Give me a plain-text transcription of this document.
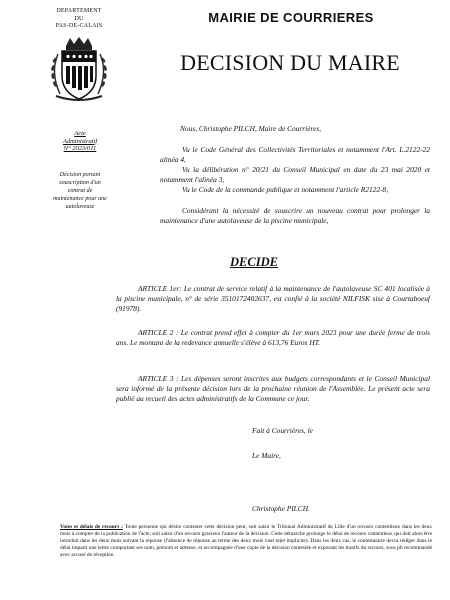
DEPARTEMENT
DU
PAS-DE-CALAIS
MAIRIE DE COURRIERES
DECISION DU MAIRE
Acte
Administratif
N° 2023/011
Décision portant
souscription d'un
contrat de
maintenance pour une
autolaveuse
Nous, Christophe PILCH, Maire de Courrières,
Vu le Code Général des Collectivités Territoriales et notamment l'Art. L.2122-22 alinéa 4,
Vu la délibération n° 20/21 du Conseil Municipal en date du 23 mai 2020 et notamment l'alinéa 3,
Vu le Code de la commande publique et notamment l'article R2122-8,
Considérant la nécessité de souscrire un nouveau contrat pour prolonger la maintenance d'une autolaveuse de la piscine municipale,
DECIDE
ARTICLE 1er: Le contrat de service relatif à la maintenance de l'autolaveuse SC 401 localisée à la piscine municipale, n° de série 3510172402637, est confié à la société NILFISK sise à Courtaboeuf (91978).
ARTICLE 2 : Le contrat prend effet à compter du 1er mars 2023 pour une durée ferme de trois ans. Le montant de la redevance annuelle s'élève à 613,76 Euros HT.
ARTICLE 3 : Les dépenses seront inscrites aux budgets correspondants et le Conseil Municipal sera informé de la présente décision lors de la prochaine réunion de l'Assemblée. Le présent acte sera publié au recueil des actes administratifs de la Commune ce jour.
Fait à Courrières, le
Le Maire,
Christophe PILCH.
Voies et délais de recours : Toute personne qui désire contester cette décision peut, soit saisir le Tribunal Administratif de Lille d'un recours contentieux dans les deux mois à compter de la publication de l'acte, soit saisir d'un recours gracieux l'auteur de la décision. Cette démarche prolonge le délai de recours contentieux qui doit alors être introduit dans les deux mois suivant la réponse (l'absence de réponse au terme des deux mois vaut rejet implicite). Dans les deux cas, le contestataire devra rédiger dans le délai imparti une lettre comportant ses nom, prénom et adresse, et accompagnée d'une copie de la décision contestée et exposant les motifs du recours, sous pli recommandé avec accusé de réception.
